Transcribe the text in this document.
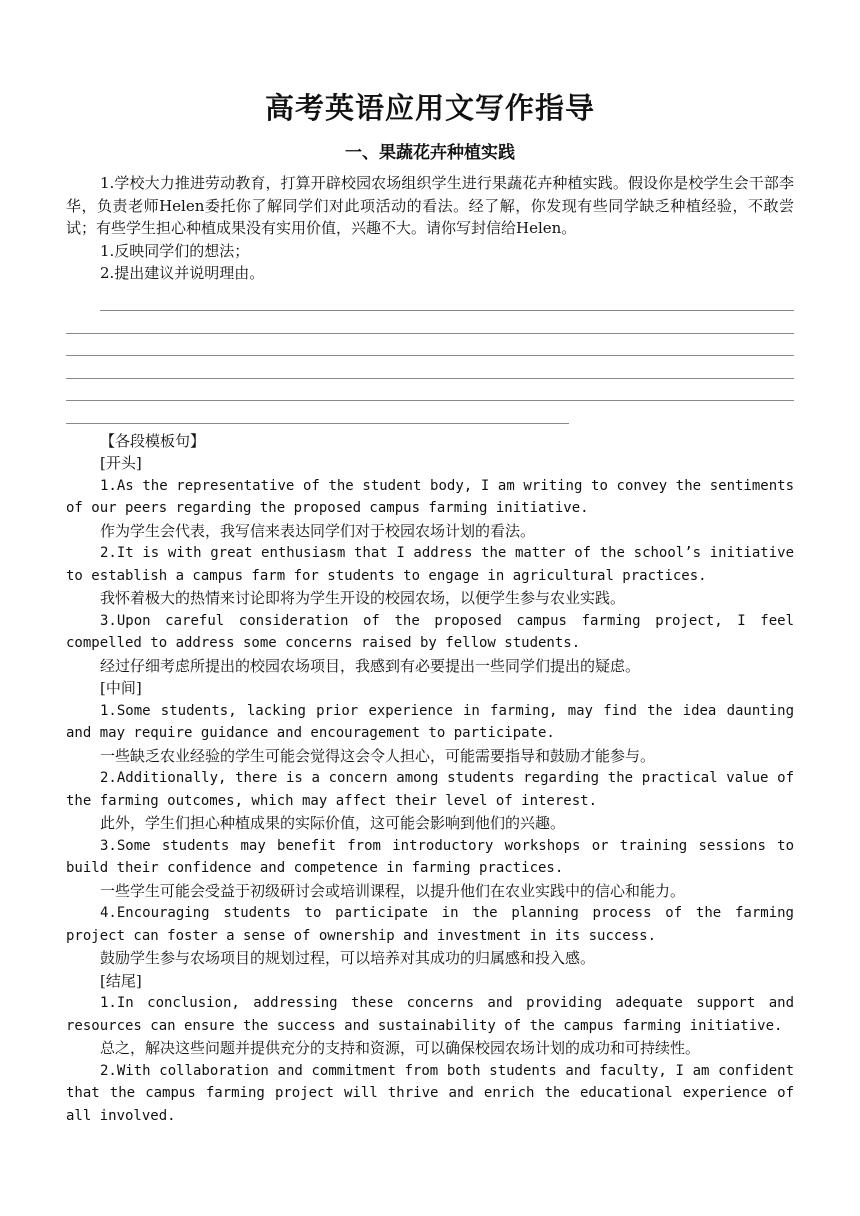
高考英语应用文写作指导
一、果蔬花卉种植实践

1.学校大力推进劳动教育，打算开辟校园农场组织学生进行果蔬花卉种植实践。假设你是校学生会干部李华，负责老师Helen委托你了解同学们对此项活动的看法。经了解，你发现有些同学缺乏种植经验，不敢尝试；有些学生担心种植成果没有实用价值，兴趣不大。请你写封信给Helen。

1.反映同学们的想法；

2.提出建议并说明理由。

【各段模板句】

[开头]

1.As the representative of the student body, I am writing to convey the sentiments of our peers regarding the proposed campus farming initiative.

作为学生会代表，我写信来表达同学们对于校园农场计划的看法。

2.It is with great enthusiasm that I address the matter of the school’s initiative to establish a campus farm for students to engage in agricultural practices.

我怀着极大的热情来讨论即将为学生开设的校园农场，以便学生参与农业实践。

3.Upon careful consideration of the proposed campus farming project, I feel compelled to address some concerns raised by fellow students.

经过仔细考虑所提出的校园农场项目，我感到有必要提出一些同学们提出的疑虑。

[中间]

1.Some students, lacking prior experience in farming, may find the idea daunting and may require guidance and encouragement to participate.

一些缺乏农业经验的学生可能会觉得这会令人担心，可能需要指导和鼓励才能参与。

2.Additionally, there is a concern among students regarding the practical value of the farming outcomes, which may affect their level of interest.

此外，学生们担心种植成果的实际价值，这可能会影响到他们的兴趣。

3.Some students may benefit from introductory workshops or training sessions to build their confidence and competence in farming practices.

一些学生可能会受益于初级研讨会或培训课程，以提升他们在农业实践中的信心和能力。

4.Encouraging students to participate in the planning process of the farming project can foster a sense of ownership and investment in its success.

鼓励学生参与农场项目的规划过程，可以培养对其成功的归属感和投入感。

[结尾]

1.In conclusion, addressing these concerns and providing adequate support and resources can ensure the success and sustainability of the campus farming initiative.

总之，解决这些问题并提供充分的支持和资源，可以确保校园农场计划的成功和可持续性。

2.With collaboration and commitment from both students and faculty, I am confident that the campus farming project will thrive and enrich the educational experience of all involved.
